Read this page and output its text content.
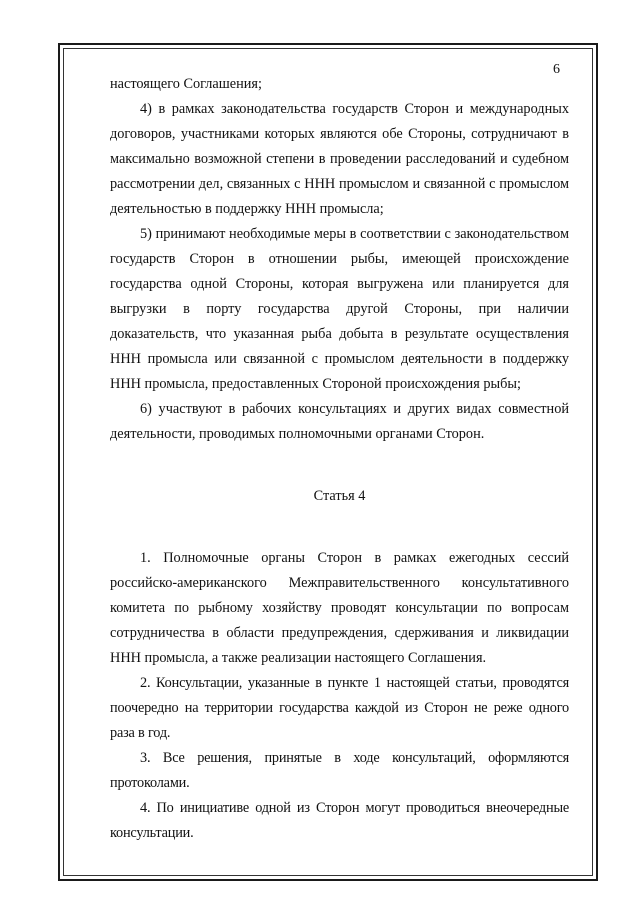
6

настоящего Соглашения;

4) в рамках законодательства государств Сторон и международных договоров, участниками которых являются обе Стороны, сотрудничают в максимально возможной степени в проведении расследований и судебном рассмотрении дел, связанных с ННН промыслом и связанной с промыслом деятельностью в поддержку ННН промысла;

5) принимают необходимые меры в соответствии с законодательством государств Сторон в отношении рыбы, имеющей происхождение государства одной Стороны, которая выгружена или планируется для выгрузки в порту государства другой Стороны, при наличии доказательств, что указанная рыба добыта в результате осуществления ННН промысла или связанной с промыслом деятельности в поддержку ННН промысла, предоставленных Стороной происхождения рыбы;

6) участвуют в рабочих консультациях и других видах совместной деятельности, проводимых полномочными органами Сторон.

Статья 4

1. Полномочные органы Сторон в рамках ежегодных сессий российско-американского Межправительственного консультативного комитета по рыбному хозяйству проводят консультации по вопросам сотрудничества в области предупреждения, сдерживания и ликвидации ННН промысла, а также реализации настоящего Соглашения.

2. Консультации, указанные в пункте 1 настоящей статьи, проводятся поочередно на территории государства каждой из Сторон не реже одного раза в год.

3. Все решения, принятые в ходе консультаций, оформляются протоколами.

4. По инициативе одной из Сторон могут проводиться внеочередные консультации.
